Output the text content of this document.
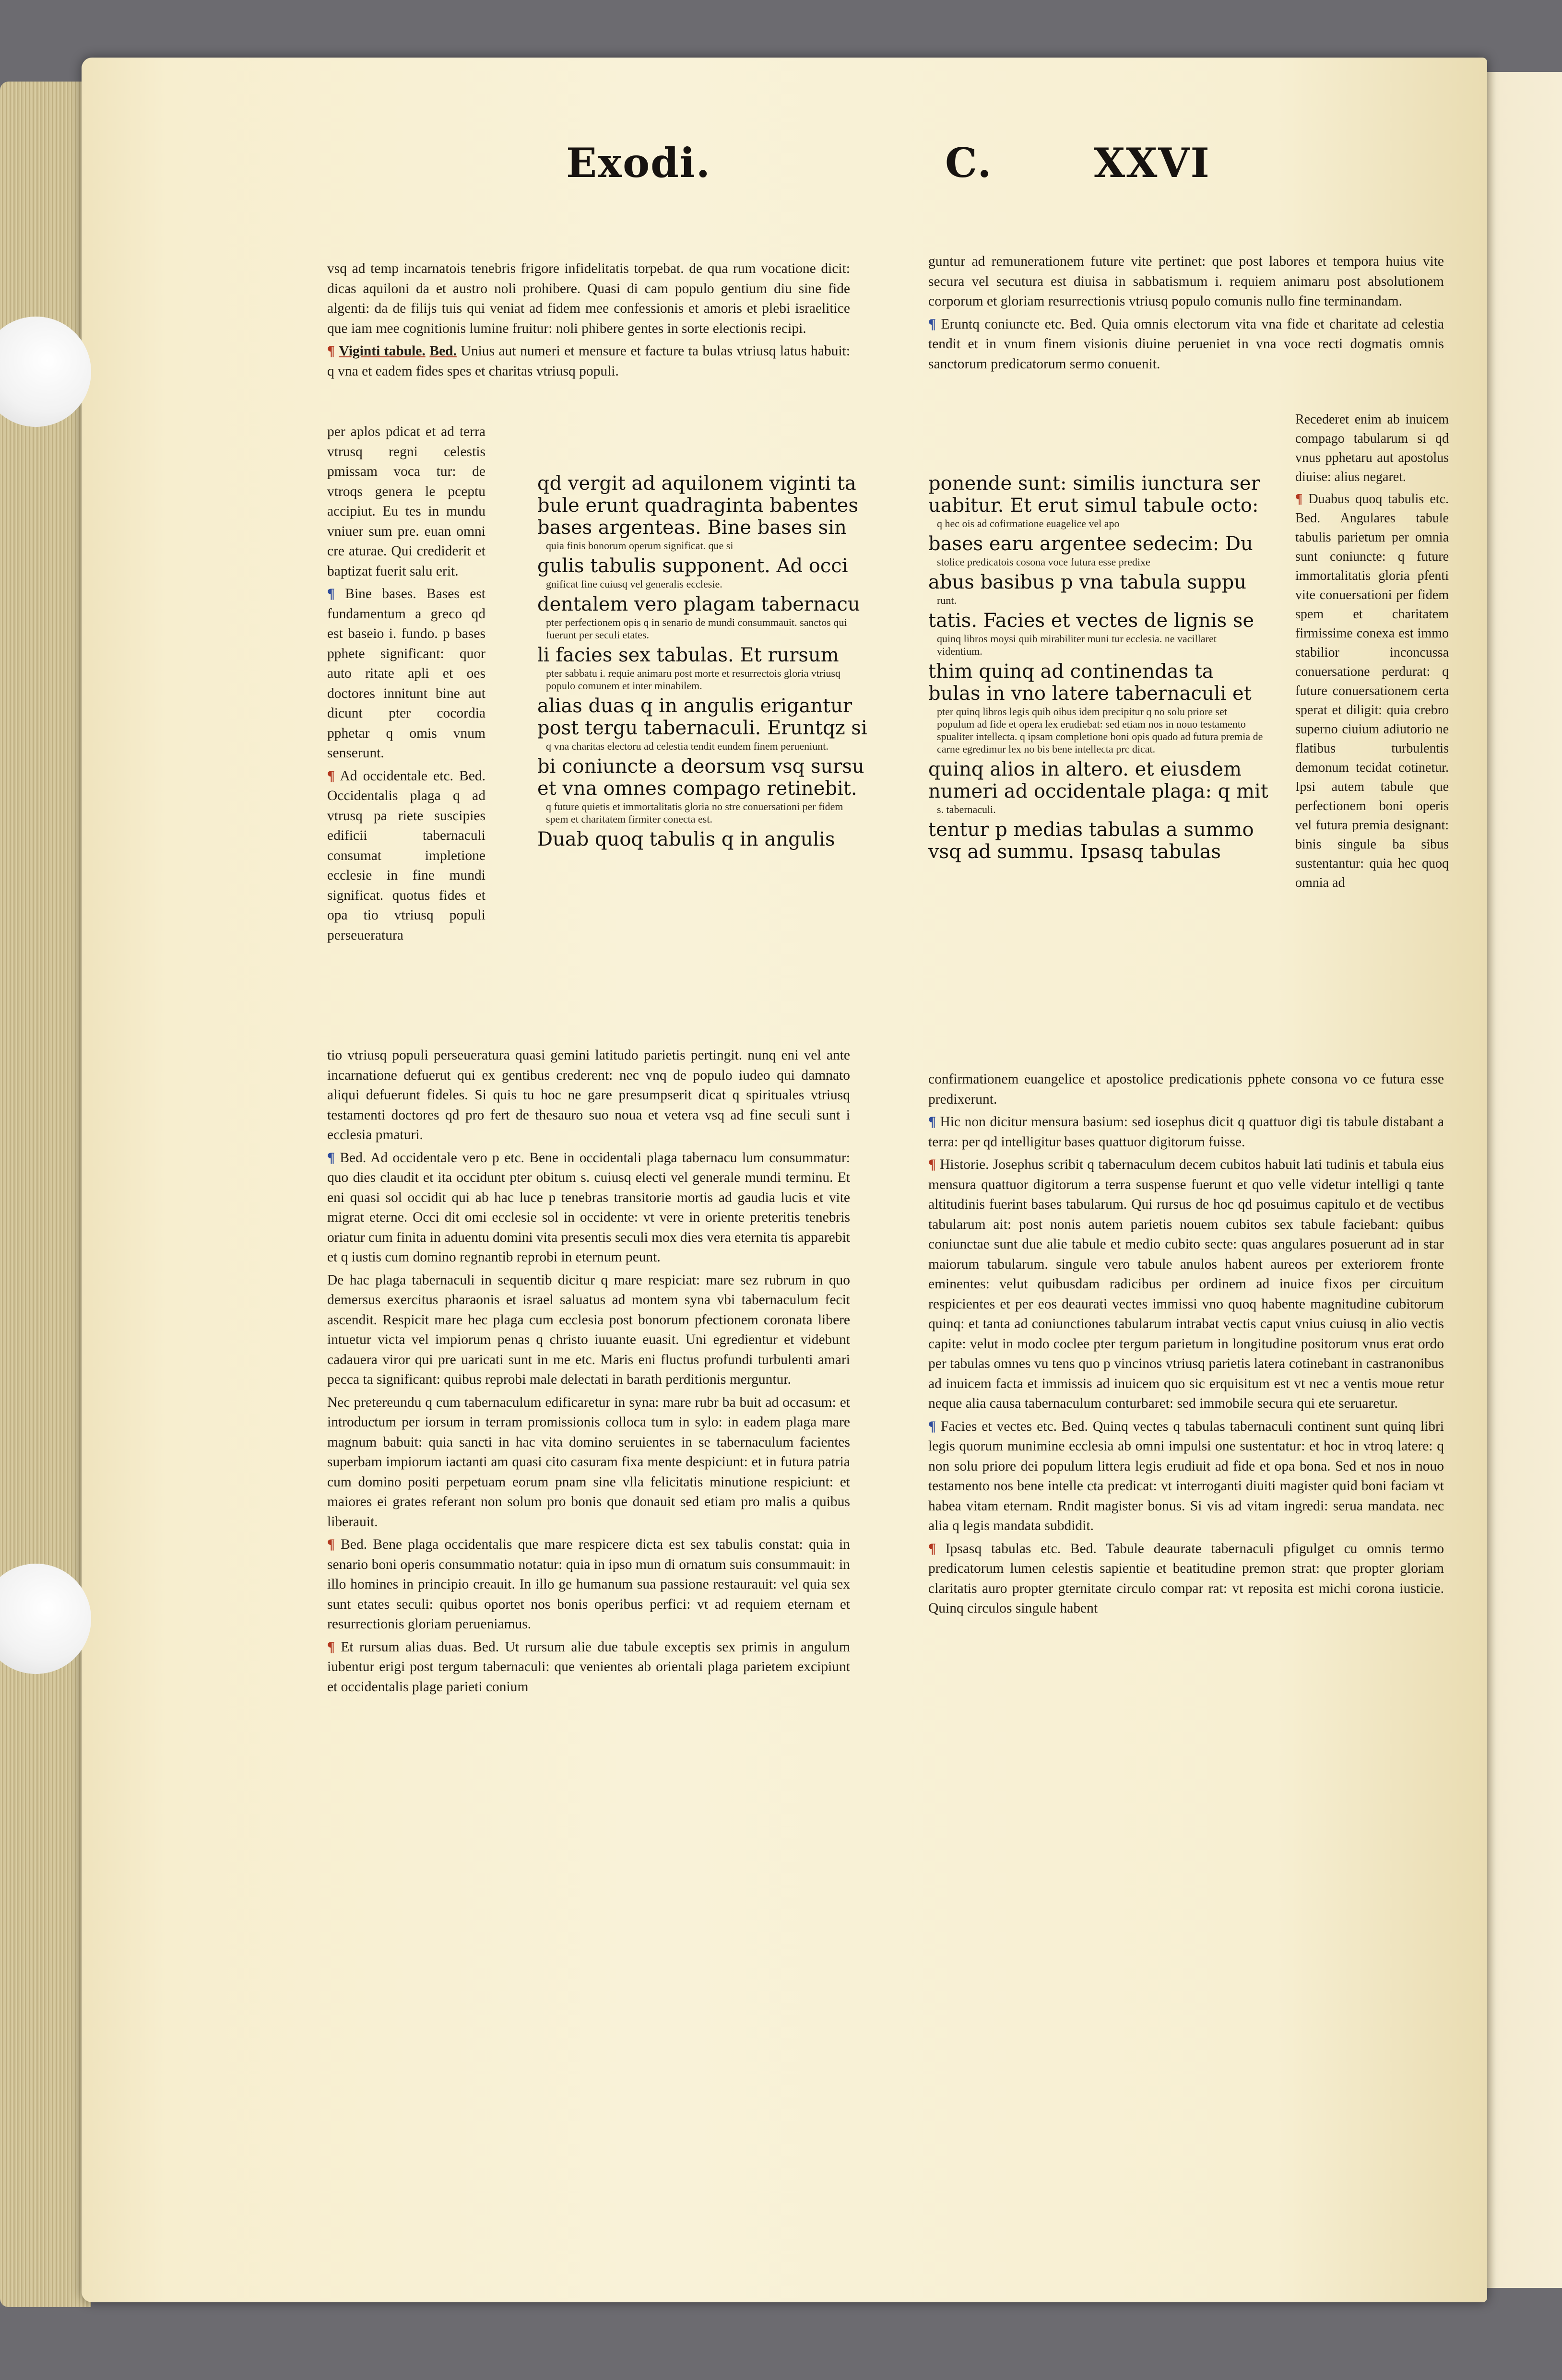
Exodi.	C.	XXVI

vsq ad temp incarnatois tenebris frigore infidelitatis torpebat. de qua rum vocatione dicit: dicas aquiloni da et austro noli prohibere. Quasi di cam populo gentium diu sine fide algenti: da de filijs tuis qui veniat ad fidem mee confessionis et amoris et plebi israelitice que iam mee cognitionis lumine fruitur: noli phibere gentes in sorte electionis recipi.

¶ Viginti tabule. Bed. Unius aut numeri et mensure et facture ta bulas vtriusq latus habuit: q vna et eadem fides spes et charitas vtriusq populi.

per aplos pdicat et ad terra vtrusq regni celestis pmissam voca tur: de vtroqs genera le pceptu accipiut. Eu tes in mundu vniuer sum pre. euan omni cre aturae. Qui crediderit et baptizat fuerit salu erit.

¶ Bine bases. Bases est fundamentum a greco qd est baseio i. fundo. p bases pphete significant: quor auto ritate apli et oes doctores innitunt bine aut dicunt pter cocordia pphetar q omis vnum senserunt.

¶ Ad occidentale etc. Bed. Occidentalis plaga q ad vtrusq pa riete suscipies edificii tabernaculi consumat impletione ecclesie in fine mundi significat. quotus fides et opa tio vtriusq populi perseueratura

qd vergit ad aquilonem viginti ta
bule erunt quadraginta babentes
bases argenteas. Bine bases sin
quia finis bonorum operum significat. que si
gulis tabulis supponent. Ad occi
gnificat fine cuiusq vel generalis ecclesie.
dentalem vero plagam tabernacu
pter perfectionem opis q in senario de mundi consummauit. sanctos qui fuerunt per seculi etates.
li facies sex tabulas. Et rursum
pter sabbatu i. requie animaru post morte et resurrectois gloria vtriusq populo comunem et inter minabilem.
alias duas q in angulis erigantur
post tergu tabernaculi. Eruntqz si
q vna charitas electoru ad celestia tendit eundem finem perueniunt.
bi coniuncte a deorsum vsq sursu
et vna omnes compago retinebit.
q future quietis et immortalitatis gloria no stre conuersationi per fidem spem et charitatem firmiter conecta est.
Duab quoq tabulis q in angulis

tio vtriusq populi perseueratura quasi gemini latitudo parietis pertingit. nunq eni vel ante incarnatione defuerut qui ex gentibus crederent: nec vnq de populo iudeo qui damnato aliqui defuerunt fideles. Si quis tu hoc ne gare presumpserit dicat q spirituales vtriusq testamenti doctores qd pro fert de thesauro suo noua et vetera vsq ad fine seculi sunt i ecclesia pmaturi.

¶ Bed. Ad occidentale vero p etc. Bene in occidentali plaga tabernacu lum consummatur: quo dies claudit et ita occidunt pter obitum s. cuiusq electi vel generale mundi terminu. Et eni quasi sol occidit qui ab hac luce p tenebras transitorie mortis ad gaudia lucis et vite migrat eterne. Occi dit omi ecclesie sol in occidente: vt vere in oriente preteritis tenebris oriatur cum finita in aduentu domini vita presentis seculi mox dies vera eternita tis apparebit et q iustis cum domino regnantib reprobi in eternum peunt.

De hac plaga tabernaculi in sequentib dicitur q mare respiciat: mare sez rubrum in quo demersus exercitus pharaonis et israel saluatus ad montem syna vbi tabernaculum fecit ascendit. Respicit mare hec plaga cum ecclesia post bonorum pfectionem coronata libere intuetur victa vel impiorum penas q christo iuuante euasit. Uni egredientur et videbunt cadauera viror qui pre uaricati sunt in me etc. Maris eni fluctus profundi turbulenti amari pecca ta significant: quibus reprobi male delectati in barath perditionis merguntur.

Nec pretereundu q cum tabernaculum edificaretur in syna: mare rubr ba buit ad occasum: et introductum per iorsum in terram promissionis colloca tum in sylo: in eadem plaga mare magnum babuit: quia sancti in hac vita domino seruientes in se tabernaculum facientes superbam impiorum iactanti am quasi cito casuram fixa mente despiciunt: et in futura patria cum domino positi perpetuam eorum pnam sine vlla felicitatis minutione respiciunt: et maiores ei grates referant non solum pro bonis que donauit sed etiam pro malis a quibus liberauit.

¶ Bed. Bene plaga occidentalis que mare respicere dicta est sex tabulis constat: quia in senario boni operis consummatio notatur: quia in ipso mun di ornatum suis consummauit: in illo homines in principio creauit. In illo ge humanum sua passione restaurauit: vel quia sex sunt etates seculi: quibus oportet nos bonis operibus perfici: vt ad requiem eternam et resurrectionis gloriam perueniamus.

¶ Et rursum alias duas. Bed. Ut rursum alie due tabule exceptis sex primis in angulum iubentur erigi post tergum tabernaculi: que venientes ab orientali plaga parietem excipiunt et occidentalis plage parieti conium

guntur ad remunerationem future vite pertinet: que post labores et tempora huius vite secura vel secutura est diuisa in sabbatismum i. requiem animaru post absolutionem corporum et gloriam resurrectionis vtriusq populo comunis nullo fine terminandam.

¶ Eruntq coniuncte etc. Bed. Quia omnis electorum vita vna fide et charitate ad celestia tendit et in vnum finem visionis diuine perueniet in vna voce recti dogmatis omnis sanctorum predicatorum sermo conuenit.

ponende sunt: similis iunctura ser
uabitur. Et erut simul tabule octo:
q hec ois ad cofirmatione euagelice vel apo
bases earu argentee sedecim: Du
stolice predicatois cosona voce futura esse predixe
abus basibus p vna tabula suppu
runt.
tatis. Facies et vectes de lignis se
quinq libros moysi quib mirabiliter muni tur ecclesia. ne vacillaret videntium.
thim quinq ad continendas ta
bulas in vno latere tabernaculi et
pter quinq libros legis quib oibus idem precipitur q no solu priore set populum ad fide et opera lex erudiebat: sed etiam nos in nouo testamento spualiter intellecta. q ipsam completione boni opis quado ad futura premia de carne egredimur lex no bis bene intellecta prc dicat.
quinq alios in altero. et eiusdem
numeri ad occidentale plaga: q mit
s. tabernaculi.
tentur p medias tabulas a summo
vsq ad summu. Ipsasq tabulas

Recederet enim ab inuicem compago tabularum si qd vnus pphetaru aut apostolus diuise: alius negaret.

¶ Duabus quoq tabulis etc. Bed. Angulares tabule tabulis parietum per omnia sunt coniuncte: q future immortalitatis gloria pfenti vite conuersationi per fidem spem et charitatem firmissime conexa est immo stabilior inconcussa conuersatione perdurat: q future conuersationem certa sperat et diligit: quia crebro superno ciuium adiutorio ne flatibus turbulentis demonum tecidat cotinetur. Ipsi autem tabule que perfectionem boni operis vel futura premia designant: binis singule ba sibus sustentantur: quia hec quoq omnia ad

confirmationem euangelice et apostolice predicationis pphete consona vo ce futura esse predixerunt.

¶ Hic non dicitur mensura basium: sed iosephus dicit q quattuor digi tis tabule distabant a terra: per qd intelligitur bases quattuor digitorum fuisse.

¶ Historie. Josephus scribit q tabernaculum decem cubitos habuit lati tudinis et tabula eius mensura quattuor digitorum a terra suspense fuerunt et quo velle videtur intelligi q tante altitudinis fuerint bases tabularum. Qui rursus de hoc qd posuimus capitulo et de vectibus tabularum ait: post nonis autem parietis nouem cubitos sex tabule faciebant: quibus coniunctae sunt due alie tabule et medio cubito secte: quas angulares posuerunt ad in star maiorum tabularum. singule vero tabule anulos habent aureos per exteriorem fronte eminentes: velut quibusdam radicibus per ordinem ad inuice fixos per circuitum respicientes et per eos deaurati vectes immissi vno quoq habente magnitudine cubitorum quinq: et tanta ad coniunctiones tabularum intrabat vectis caput vnius cuiusq in alio vectis capite: velut in modo coclee pter tergum parietum in longitudine positorum vnus erat ordo per tabulas omnes vu tens quo p vincinos vtriusq parietis latera cotinebant in castranonibus ad inuicem facta et immissis ad inuicem quo sic erquisitum est vt nec a ventis moue retur neque alia causa tabernaculum conturbaret: sed immobile secura qui ete seruaretur.

¶ Facies et vectes etc. Bed. Quinq vectes q tabulas tabernaculi continent sunt quinq libri legis quorum munimine ecclesia ab omni impulsi one sustentatur: et hoc in vtroq latere: q non solu priore dei populum littera legis erudiuit ad fide et opa bona. Sed et nos in nouo testamento nos bene intelle cta predicat: vt interroganti diuiti magister quid boni faciam vt habea vitam eternam. Rndit magister bonus. Si vis ad vitam ingredi: serua mandata. nec alia q legis mandata subdidit.

¶ Ipsasq tabulas etc. Bed. Tabule deaurate tabernaculi pfigulget cu omnis termo predicatorum lumen celestis sapientie et beatitudine premon strat: que propter gloriam claritatis auro propter gternitate circulo compar rat: vt reposita est michi corona iusticie. Quinq circulos singule habent
